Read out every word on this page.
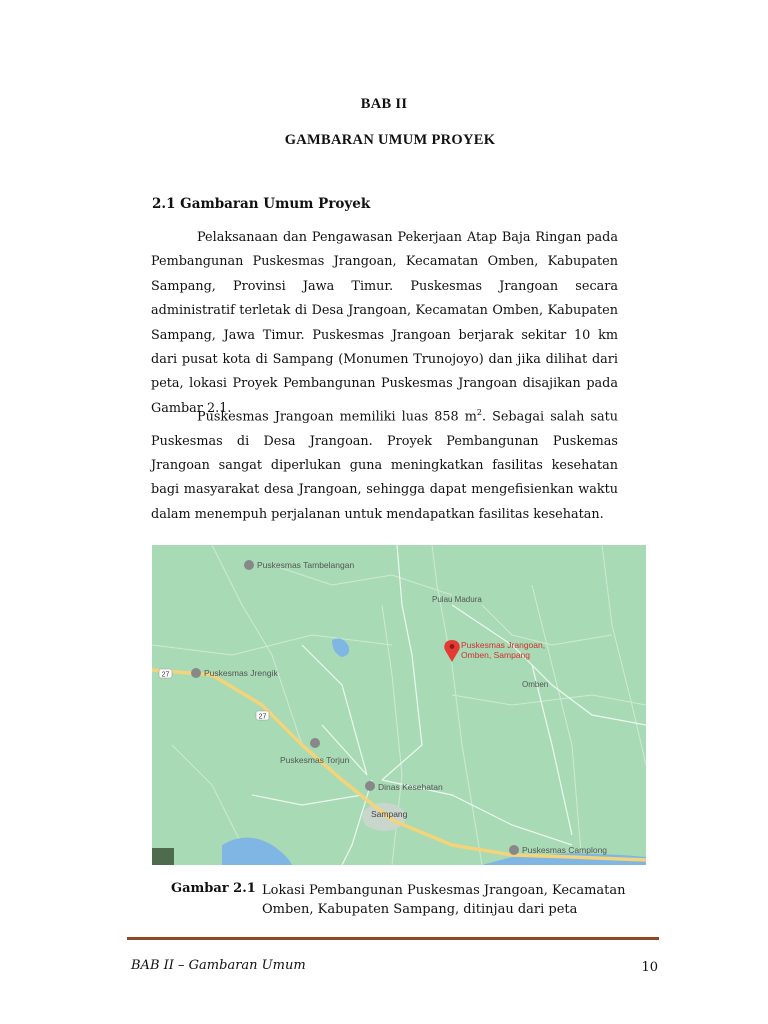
BAB II
GAMBARAN UMUM PROYEK
2.1 Gambaran Umum Proyek

Pelaksanaan dan Pengawasan Pekerjaan Atap Baja Ringan pada Pembangunan Puskesmas Jrangoan, Kecamatan Omben, Kabupaten Sampang, Provinsi Jawa Timur. Puskesmas Jrangoan secara administratif terletak di Desa Jrangoan, Kecamatan Omben, Kabupaten Sampang, Jawa Timur. Puskesmas Jrangoan berjarak sekitar 10 km dari pusat kota di Sampang (Monumen Trunojoyo) dan jika dilihat dari peta, lokasi Proyek Pembangunan Puskesmas Jrangoan disajikan pada Gambar 2.1.

Puskesmas Jrangoan memiliki luas 858 $m^2$. Sebagai salah satu Puskesmas di Desa Jrangoan. Proyek Pembangunan Puskemas Jrangoan sangat diperlukan guna meningkatkan fasilitas kesehatan bagi masyarakat desa Jrangoan, sehingga dapat mengefisienkan waktu dalam menempuh perjalanan untuk mendapatkan fasilitas kesehatan.

27
27
Puskesmas Tambelangan
Pulau Madura
Puskesmas Jrangoan,
Omben, Sampang
Omben
Puskesmas Jrengik
Puskesmas Torjun
Dinas Kesehatan
Sampang
Puskesmas Camplong
Gambar 2.1 Lokasi Pembangunan Puskesmas Jrangoan, Kecamatan Omben, Kabupaten Sampang, ditinjau dari peta
BAB II – Gambaran Umum	10
